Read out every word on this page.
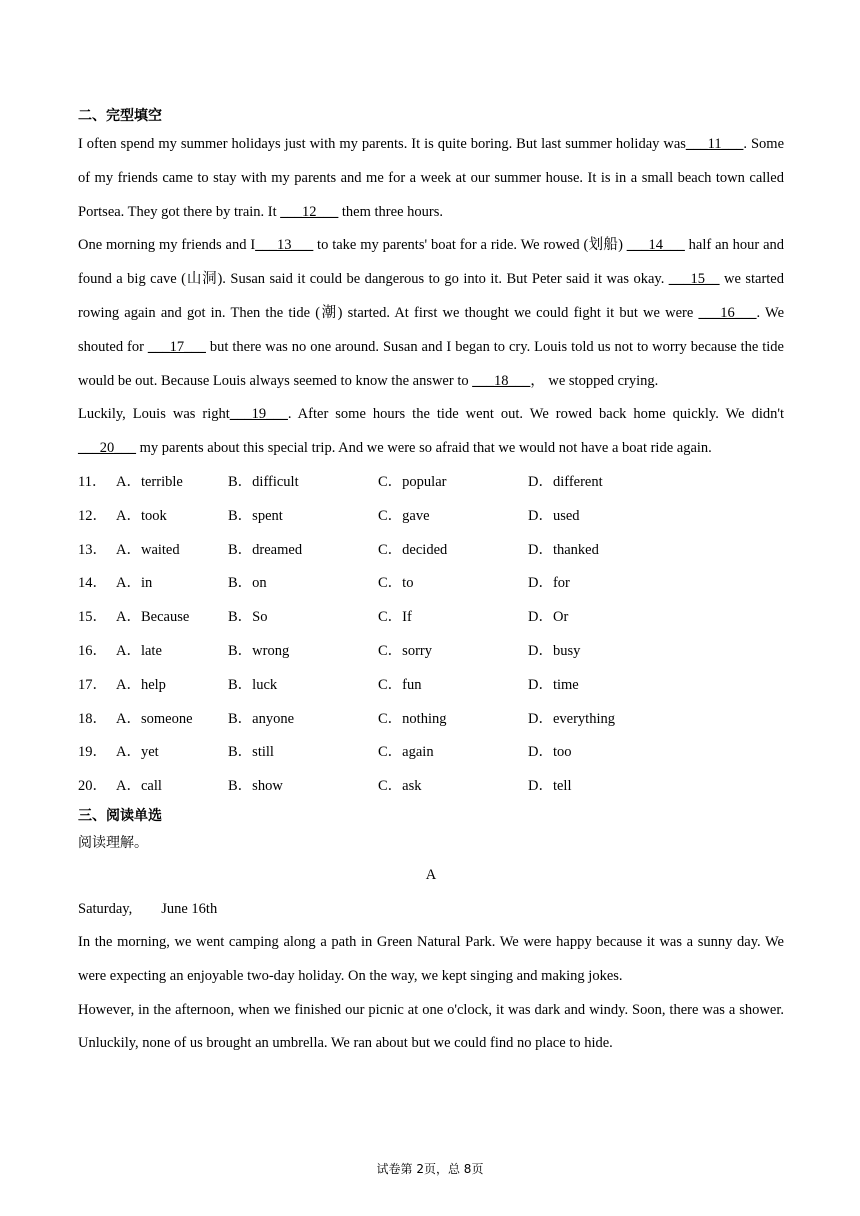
二、完型填空

I often spend my summer holidays just with my parents. It is quite boring. But last summer holiday was___11___. Some of my friends came to stay with my parents and me for a week at our summer house. It is in a small beach town called Portsea. They got there by train. It ___12___ them three hours.

One morning my friends and I___13___ to take my parents' boat for a ride. We rowed (划船) ___14___ half an hour and found a big cave (山洞). Susan said it could be dangerous to go into it. But Peter said it was okay. ___15__ we started rowing again and got in. Then the tide (潮) started. At first we thought we could fight it but we were ___16___. We shouted for ___17___ but there was no one around. Susan and I began to cry. Louis told us not to worry because the tide would be out. Because Louis always seemed to know the answer to ___18___， we stopped crying.

Luckily, Louis was right___19___. After some hours the tide went out. We rowed back home quickly. We didn't ___20___ my parents about this special trip. And we were so afraid that we would not have a boat ride again.

11． A．terrible	B．difficult	C．popular	D．different
12． A．took	B．spent	C．gave	D．used
13． A．waited	B．dreamed	C．decided	D．thanked
14． A．in	B．on	C．to	D．for
15． A．Because	B．So	C．If	D．Or
16． A．late	B．wrong	C．sorry	D．busy
17． A．help	B．luck	C．fun	D．time
18． A．someone	B．anyone	C．nothing	D．everything
19． A．yet	B．still	C．again	D．too
20． A．call	B．show	C．ask	D．tell

三、阅读单选

阅读理解。

A

Saturday,        June 16th

In the morning, we went camping along a path in Green Natural Park. We were happy because it was a sunny day. We were expecting an enjoyable two-day holiday. On the way, we kept singing and making jokes.

However, in the afternoon, when we finished our picnic at one o'clock, it was dark and windy. Soon, there was a shower. Unluckily, none of us brought an umbrella. We ran about but we could find no place to hide.

试卷第 2页，总 8页
